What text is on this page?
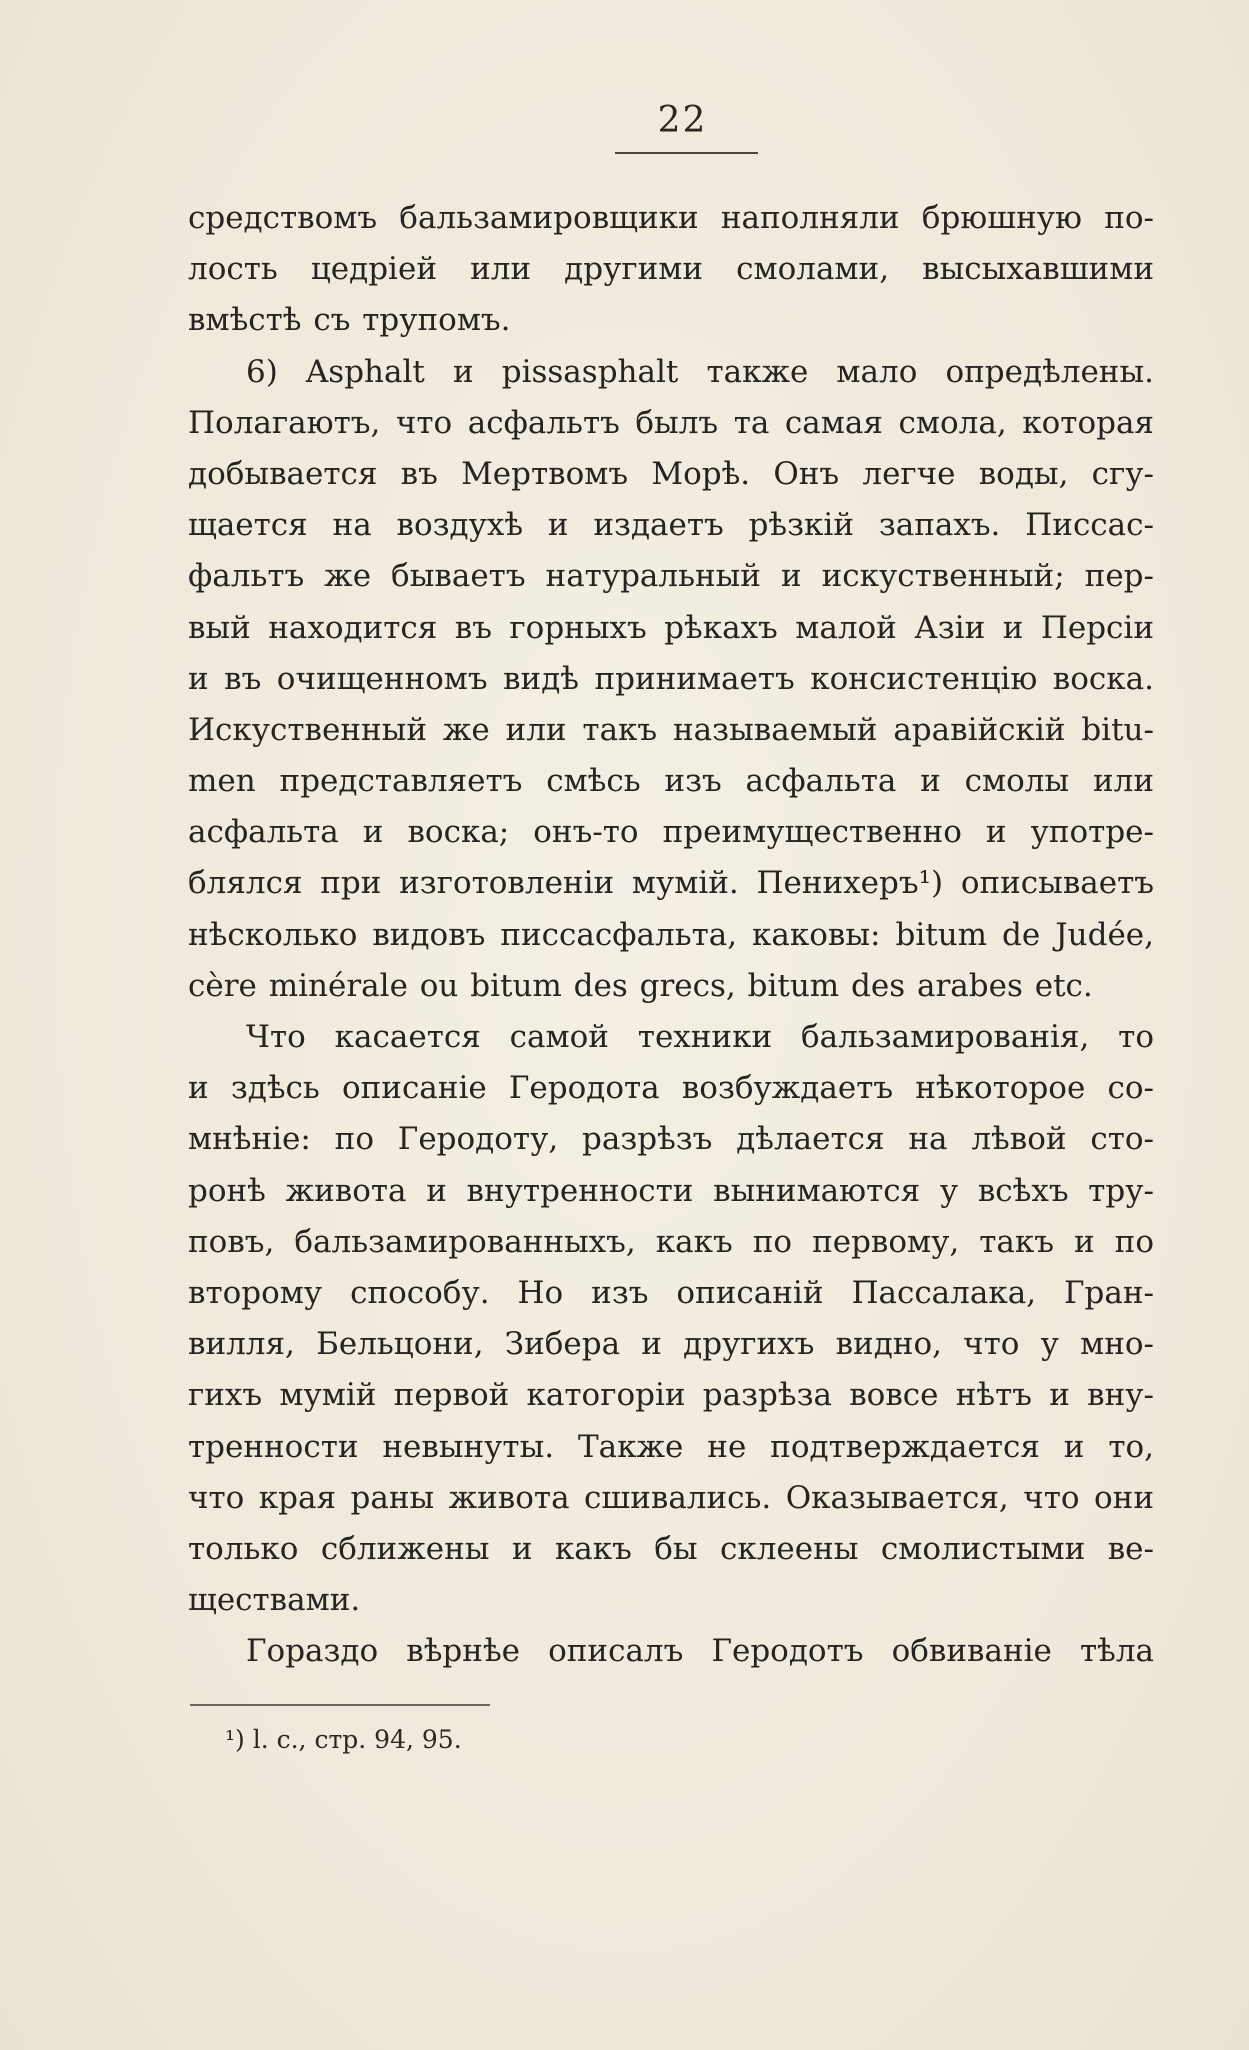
22
средствомъ бальзамировщики наполняли брюшную по-
лость цедріей или другими смолами, высыхавшими
вмѣстѣ съ трупомъ.
6) Asphalt и pissasphalt также мало опредѣлены.
Полагаютъ, что асфальтъ былъ та самая смола, которая
добывается въ Мертвомъ Морѣ. Онъ легче воды, сгу-
щается на воздухѣ и издаетъ рѣзкій запахъ. Писсас-
фальтъ же бываетъ натуральный и искуственный; пер-
вый находится въ горныхъ рѣкахъ малой Азіи и Персіи
и въ очищенномъ видѣ принимаетъ консистенцію воска.
Искуственный же или такъ называемый аравійскій bitu-
men представляетъ смѣсь изъ асфальта и смолы или
асфальта и воска; онъ-то преимущественно и употре-
блялся при изготовленіи мумій. Пенихеръ¹) описываетъ
нѣсколько видовъ писсасфальта, каковы: bitum de Judée,
cère minérale ou bitum des grecs, bitum des arabes etc.
Что касается самой техники бальзамированія, то
и здѣсь описаніе Геродота возбуждаетъ нѣкоторое со-
мнѣніе: по Геродоту, разрѣзъ дѣлается на лѣвой сто-
ронѣ живота и внутренности вынимаются у всѣхъ тру-
повъ, бальзамированныхъ, какъ по первому, такъ и по
второму способу. Но изъ описаній Пассалака, Гран-
вилля, Бельцони, Зибера и другихъ видно, что у мно-
гихъ мумій первой катогоріи разрѣза вовсе нѣтъ и вну-
тренности невынуты. Также не подтверждается и то,
что края раны живота сшивались. Оказывается, что они
только сближены и какъ бы склеены смолистыми ве-
ществами.
Гораздо вѣрнѣе описалъ Геродотъ обвиваніе тѣла
¹) l. c., стр. 94, 95.
